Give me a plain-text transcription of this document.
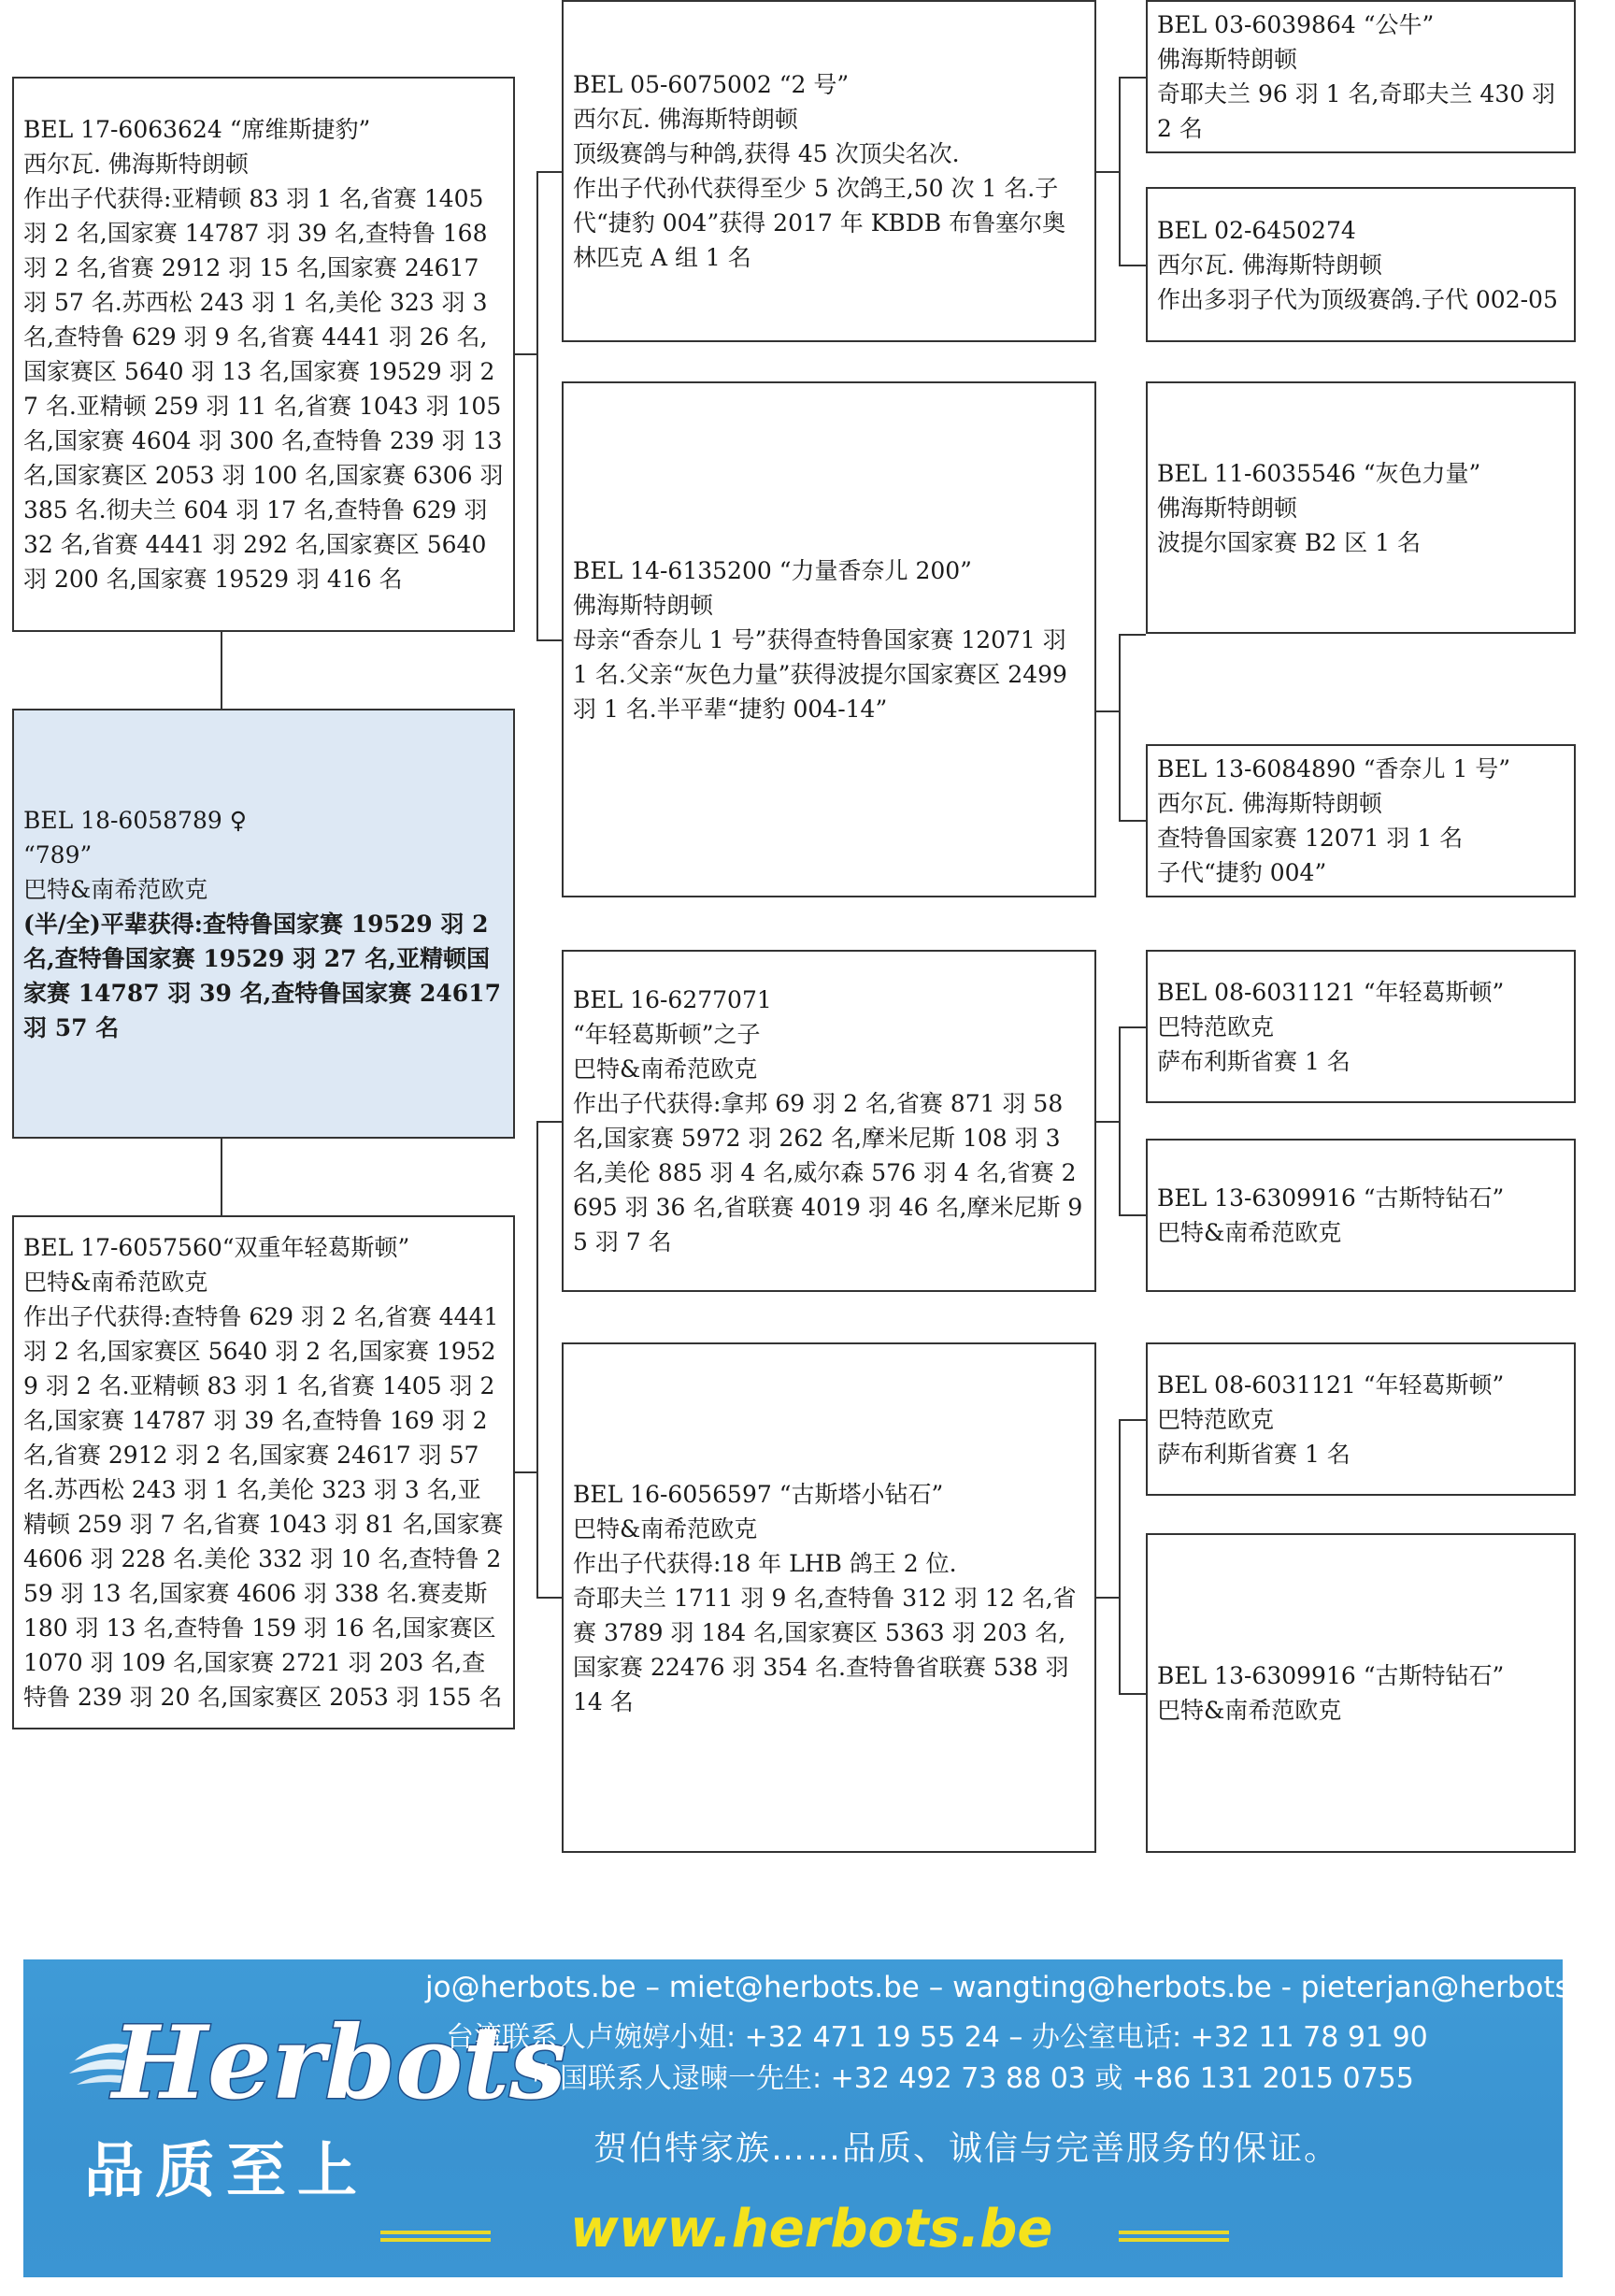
BEL 17-6063624 “席维斯捷豹”
西尔瓦. 佛海斯特朗顿
作出子代获得:亚精顿 83 羽 1 名,省赛 1405 羽 2 名,国家赛 14787 羽 39 名,查特鲁 168 羽 2 名,省赛 2912 羽 15 名,国家赛 24617 羽 57 名.苏西松 243 羽 1 名,美伦 323 羽 3 名,查特鲁 629 羽 9 名,省赛 4441 羽 26 名,国家赛区 5640 羽 13 名,国家赛 19529 羽 27 名.亚精顿 259 羽 11 名,省赛 1043 羽 105 名,国家赛 4604 羽 300 名,查特鲁 239 羽 13 名,国家赛区 2053 羽 100 名,国家赛 6306 羽 385 名.彻夫兰 604 羽 17 名,查特鲁 629 羽 32 名,省赛 4441 羽 292 名,国家赛区 5640 羽 200 名,国家赛 19529 羽 416 名
BEL 18-6058789 ♀
“789”
巴特&南希范欧克
(半/全)平辈获得:查特鲁国家赛 19529 羽 2 名,查特鲁国家赛 19529 羽 27 名,亚精顿国家赛 14787 羽 39 名,查特鲁国家赛 24617 羽 57 名
BEL 17-6057560“双重年轻葛斯顿”
巴特&南希范欧克
作出子代获得:查特鲁 629 羽 2 名,省赛 4441 羽 2 名,国家赛区 5640 羽 2 名,国家赛 19529 羽 2 名.亚精顿 83 羽 1 名,省赛 1405 羽 2 名,国家赛 14787 羽 39 名,查特鲁 169 羽 2 名,省赛 2912 羽 2 名,国家赛 24617 羽 57 名.苏西松 243 羽 1 名,美伦 323 羽 3 名,亚精顿 259 羽 7 名,省赛 1043 羽 81 名,国家赛 4606 羽 228 名.美伦 332 羽 10 名,查特鲁 259 羽 13 名,国家赛 4606 羽 338 名.赛麦斯 180 羽 13 名,查特鲁 159 羽 16 名,国家赛区 1070 羽 109 名,国家赛 2721 羽 203 名,查特鲁 239 羽 20 名,国家赛区 2053 羽 155 名
BEL 05-6075002 “2 号”
西尔瓦. 佛海斯特朗顿
顶级赛鸽与种鸽,获得 45 次顶尖名次.
作出子代孙代获得至少 5 次鸽王,50 次 1 名.子代“捷豹 004”获得 2017 年 KBDB 布鲁塞尔奥林匹克 A 组 1 名
BEL 14-6135200 “力量香奈儿 200”
佛海斯特朗顿
母亲“香奈儿 1 号”获得查特鲁国家赛 12071 羽 1 名.父亲“灰色力量”获得波提尔国家赛区 2499 羽 1 名.半平辈“捷豹 004-14”
BEL 16-6277071
“年轻葛斯顿”之子
巴特&南希范欧克
作出子代获得:拿邦 69 羽 2 名,省赛 871 羽 58 名,国家赛 5972 羽 262 名,摩米尼斯 108 羽 3 名,美伦 885 羽 4 名,威尔森 576 羽 4 名,省赛 2695 羽 36 名,省联赛 4019 羽 46 名,摩米尼斯 95 羽 7 名
BEL 16-6056597 “古斯塔小钻石”
巴特&南希范欧克
作出子代获得:18 年 LHB 鸽王 2 位.
奇耶夫兰 1711 羽 9 名,查特鲁 312 羽 12 名,省赛 3789 羽 184 名,国家赛区 5363 羽 203 名,国家赛 22476 羽 354 名.查特鲁省联赛 538 羽 14 名
BEL 03-6039864 “公牛”
佛海斯特朗顿
奇耶夫兰 96 羽 1 名,奇耶夫兰 430 羽 2 名
BEL 02-6450274
西尔瓦. 佛海斯特朗顿
作出多羽子代为顶级赛鸽.子代 002-05
BEL 11-6035546 “灰色力量”
佛海斯特朗顿
波提尔国家赛 B2 区 1 名
BEL 13-6084890 “香奈儿 1 号”
西尔瓦. 佛海斯特朗顿
查特鲁国家赛 12071 羽 1 名
子代“捷豹 004”
BEL 08-6031121 “年轻葛斯顿”
巴特范欧克
萨布利斯省赛 1 名
BEL 13-6309916 “古斯特钻石”
巴特&南希范欧克
BEL 08-6031121 “年轻葛斯顿”
巴特范欧克
萨布利斯省赛 1 名
BEL 13-6309916 “古斯特钻石”
巴特&南希范欧克
Herbots
品质至上
jo@herbots.be – miet@herbots.be – wangting@herbots.be - pieterjan@herbots.be
台湾联系人卢婉婷小姐: +32 471 19 55 24 – 办公室电话: +32 11 78 91 90
中国联系人逯暕一先生: +32 492 73 88 03 或 +86 131 2015 0755
贺伯特家族……品质、诚信与完善服务的保证。
www.herbots.be
